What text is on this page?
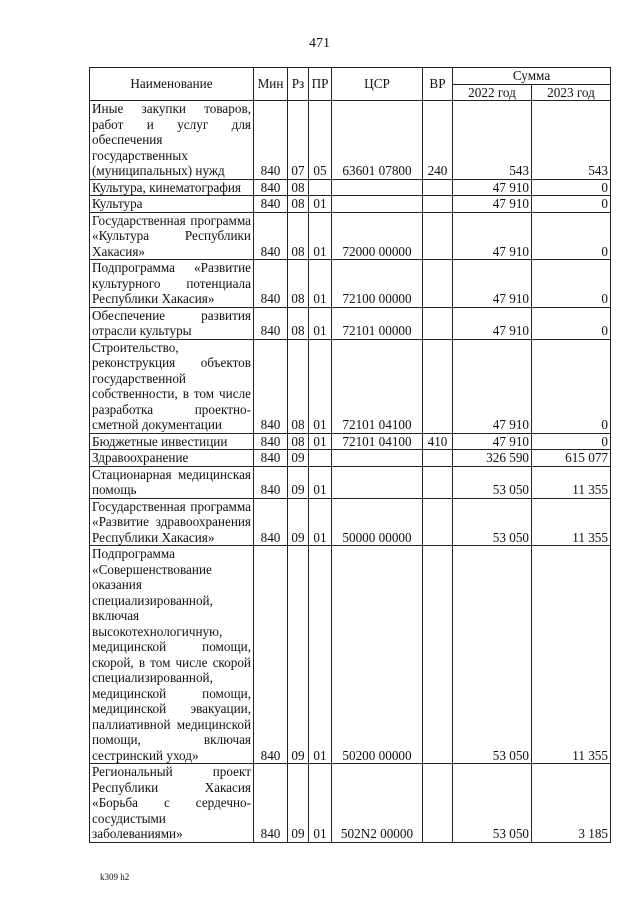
471
Наименование	Мин	Рз	ПР	ЦСР	ВР	Сумма	
						2022 год	2023 год
Иные закупки товаров, работ и услуг для обеспечения государственных (муниципальных) нужд	840	07	05	63601 07800	240	543	543
Культура, кинематография	840	08				47 910	0
Культура	840	08	01			47 910	0
Государственная программа «Культура Республики Хакасия»	840	08	01	72000 00000		47 910	0
Подпрограмма «Развитие культурного потенциала Республики Хакасия»	840	08	01	72100 00000		47 910	0
Обеспечение развития отрасли культуры	840	08	01	72101 00000		47 910	0
Строительство, реконструкция объектов государственной собственности, в том числе разработка проектно-сметной документации	840	08	01	72101 04100		47 910	0
Бюджетные инвестиции	840	08	01	72101 04100	410	47 910	0
Здравоохранение	840	09				326 590	615 077
Стационарная медицинская помощь	840	09	01			53 050	11 355
Государственная программа «Развитие здравоохранения Республики Хакасия»	840	09	01	50000 00000		53 050	11 355
Подпрограмма «Совершенствование оказания специализированной, включая высокотехнологичную, медицинской помощи, скорой, в том числе скорой специализированной, медицинской помощи, медицинской эвакуации, паллиативной медицинской помощи, включая сестринский уход»	840	09	01	50200 00000		53 050	11 355
Региональный проект Республики Хакасия «Борьба с сердечно-сосудистыми заболеваниями»	840	09	01	502N2 00000		53 050	3 185
k309 h2
